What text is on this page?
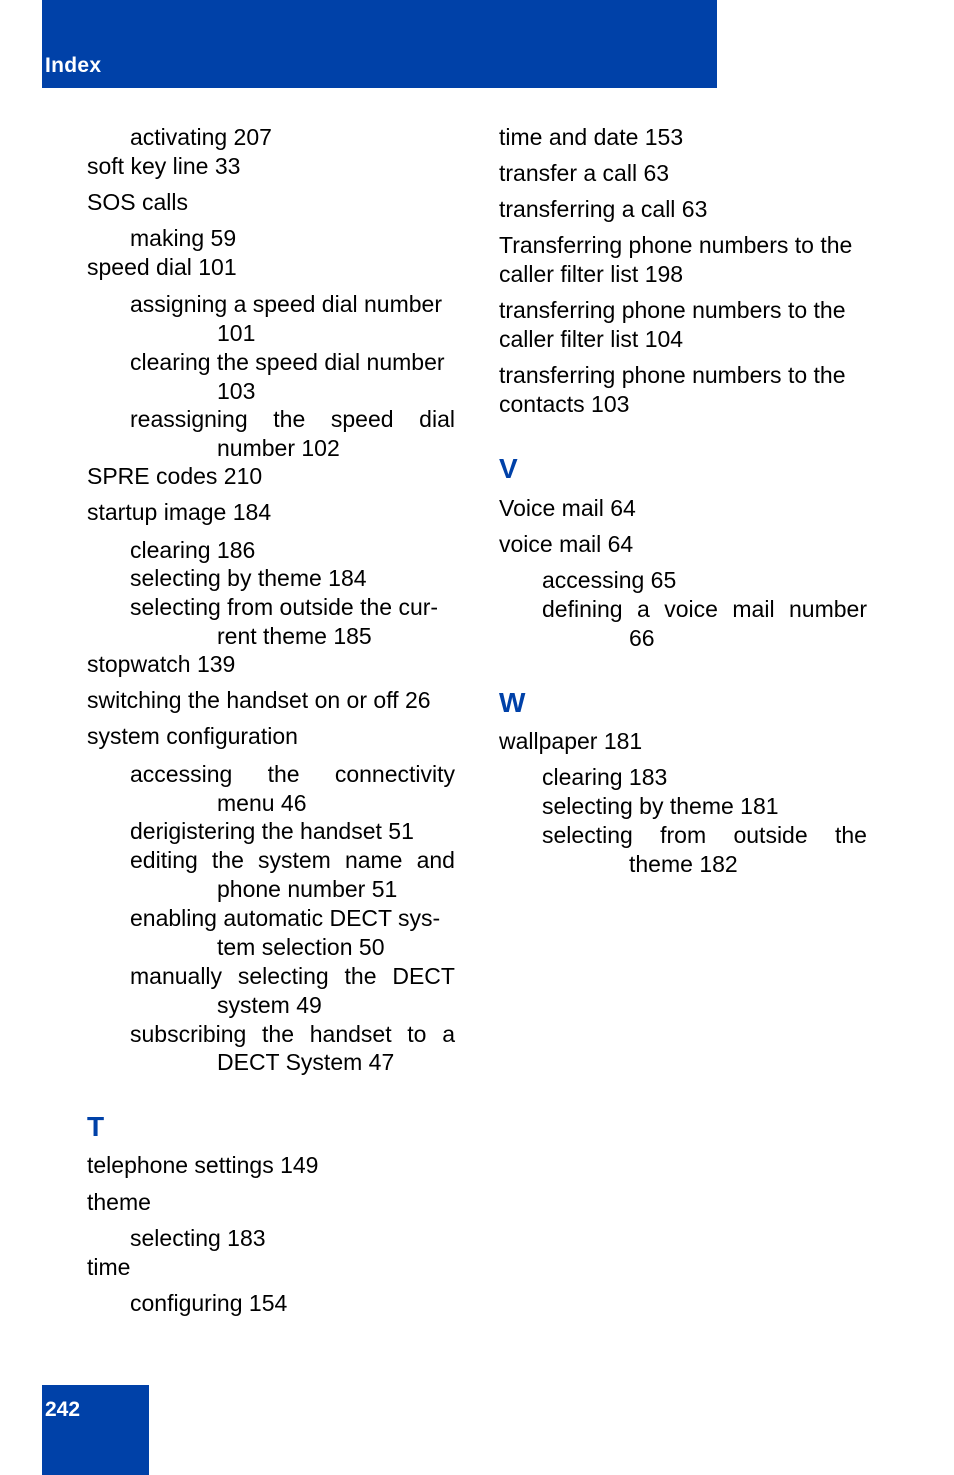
Index
activating 207
soft key line 33
SOS calls
making 59
speed dial 101
assigning a speed dial number
101
clearing the speed dial number
103
reassigning the speed dial
number 102
SPRE codes 210
startup image 184
clearing 186
selecting by theme 184
selecting from outside the cur-
rent theme 185
stopwatch 139
switching the handset on or off 26
system configuration
accessing the connectivity
menu 46
derigistering the handset 51
editing the system name and
phone number 51
enabling automatic DECT sys-
tem selection 50
manually selecting the DECT
system 49
subscribing the handset to a
DECT System 47
T
telephone settings 149
theme
selecting 183
time
configuring 154
time and date 153
transfer a call 63
transferring a call 63
Transferring phone numbers to the
caller filter list 198
transferring phone numbers to the
caller filter list 104
transferring phone numbers to the
contacts 103
V
Voice mail 64
voice mail 64
accessing 65
defining a voice mail number
66
W
wallpaper 181
clearing 183
selecting by theme 181
selecting from outside the
theme 182
242
